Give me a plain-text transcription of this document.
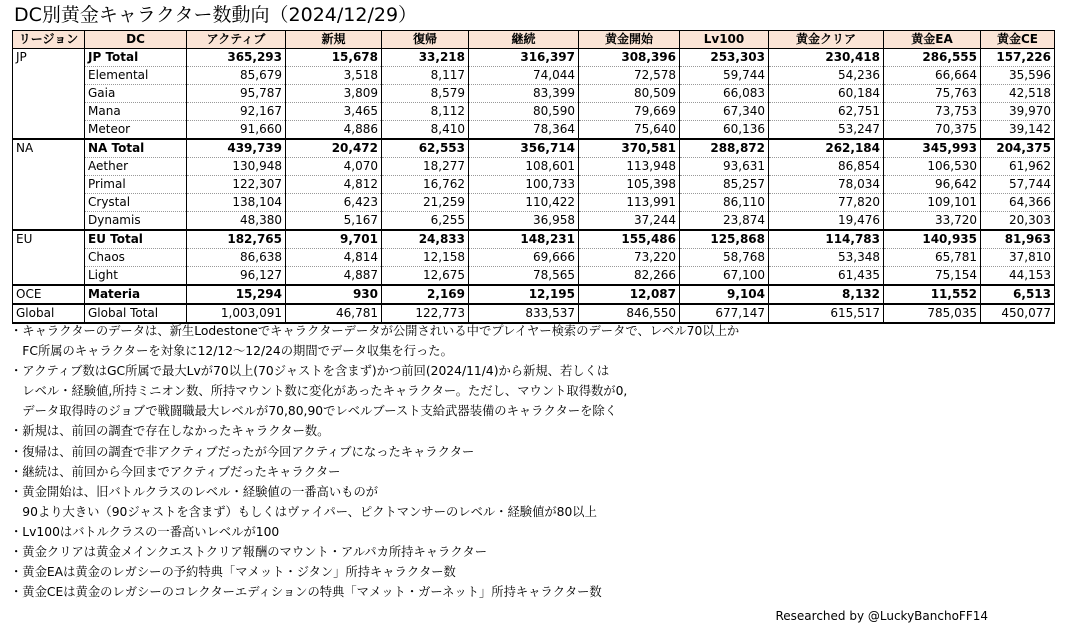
DC別黄金キャラクター数動向（2024/12/29）
リージョン	DC	アクティブ	新規	復帰	継続	黄金開始	Lv100	黄金クリア	黄金EA	黄金CE
JP	JP Total	365,293	15,678	33,218	316,397	308,396	253,303	230,418	286,555	157,226
	Elemental	85,679	3,518	8,117	74,044	72,578	59,744	54,236	66,664	35,596
	Gaia	95,787	3,809	8,579	83,399	80,509	66,083	60,184	75,763	42,518
	Mana	92,167	3,465	8,112	80,590	79,669	67,340	62,751	73,753	39,970
	Meteor	91,660	4,886	8,410	78,364	75,640	60,136	53,247	70,375	39,142
NA	NA Total	439,739	20,472	62,553	356,714	370,581	288,872	262,184	345,993	204,375
	Aether	130,948	4,070	18,277	108,601	113,948	93,631	86,854	106,530	61,962
	Primal	122,307	4,812	16,762	100,733	105,398	85,257	78,034	96,642	57,744
	Crystal	138,104	6,423	21,259	110,422	113,991	86,110	77,820	109,101	64,366
	Dynamis	48,380	5,167	6,255	36,958	37,244	23,874	19,476	33,720	20,303
EU	EU Total	182,765	9,701	24,833	148,231	155,486	125,868	114,783	140,935	81,963
	Chaos	86,638	4,814	12,158	69,666	73,220	58,768	53,348	65,781	37,810
	Light	96,127	4,887	12,675	78,565	82,266	67,100	61,435	75,154	44,153
OCE	Materia	15,294	930	2,169	12,195	12,087	9,104	8,132	11,552	6,513
Global	Global Total	1,003,091	46,781	122,773	833,537	846,550	677,147	615,517	785,035	450,077
・キャラクターのデータは、新生Lodestoneでキャラクターデータが公開されいる中でプレイヤー検索のデータで、レベル70以上か
　FC所属のキャラクターを対象に12/12～12/24の期間でデータ収集を行った。
・アクティブ数はGC所属で最大Lvが70以上(70ジャストを含まず)かつ前回(2024/11/4)から新規、若しくは
　レベル・経験値,所持ミニオン数、所持マウント数に変化があったキャラクター。ただし、マウント取得数が0,
　データ取得時のジョブで戦闘職最大レベルが70,80,90でレベルブースト支給武器装備のキャラクターを除く
・新規は、前回の調査で存在しなかったキャラクター数。
・復帰は、前回の調査で非アクティブだったが今回アクティブになったキャラクター
・継続は、前回から今回までアクティブだったキャラクター
・黄金開始は、旧バトルクラスのレベル・経験値の一番高いものが
　90より大きい（90ジャストを含まず）もしくはヴァイパー、ピクトマンサーのレベル・経験値が80以上
・Lv100はバトルクラスの一番高いレベルが100
・黄金クリアは黄金メインクエストクリア報酬のマウント・アルパカ所持キャラクター
・黄金EAは黄金のレガシーの予約特典「マメット・ジタン」所持キャラクター数
・黄金CEは黄金のレガシーのコレクターエディションの特典「マメット・ガーネット」所持キャラクター数
Researched by @LuckyBanchoFF14
